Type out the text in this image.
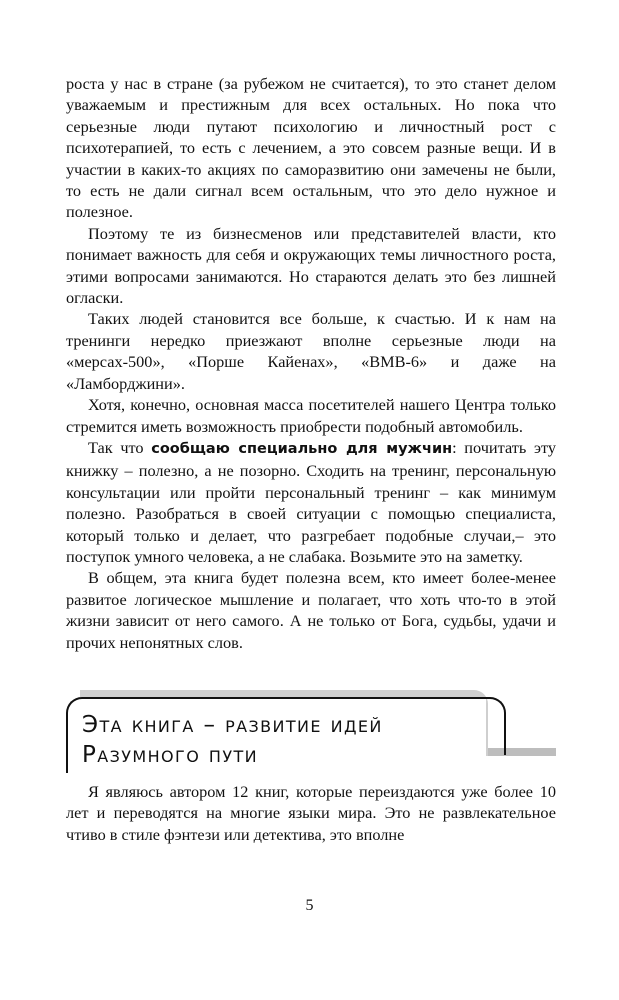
роста у нас в стране (за рубежом не считается), то это станет делом уважаемым и престижным для всех остальных. Но пока что серьезные люди путают психологию и личностный рост с психотерапией, то есть с лечением, а это совсем разные вещи. И в участии в каких-то акциях по саморазвитию они замечены не были, то есть не дали сигнал всем остальным, что это дело нужное и полезное.

Поэтому те из бизнесменов или представителей власти, кто понимает важность для себя и окружающих темы личностного роста, этими вопросами занимаются. Но стараются делать это без лишней огласки.

Таких людей становится все больше, к счастью. И к нам на тренинги нередко приезжают вполне серьезные люди на «мерсах-500», «Порше Кайенах», «BMB-6» и даже на «Ламборджини».

Хотя, конечно, основная масса посетителей нашего Центра только стремится иметь возможность приобрести подобный автомобиль.

Так что сообщаю специально для мужчин: почитать эту книжку – полезно, а не позорно. Сходить на тренинг, персональную консультации или пройти персональный тренинг – как минимум полезно. Разобраться в своей ситуации с помощью специалиста, который только и делает, что разгребает подобные случаи,– это поступок умного человека, а не слабака. Возьмите это на заметку.

В общем, эта книга будет полезна всем, кто имеет более-менее развитое логическое мышление и полагает, что хоть что-то в этой жизни зависит от него самого. А не только от Бога, судьбы, удачи и прочих непонятных слов.

Эта книга – развитие идей
Разумного пути

Я являюсь автором 12 книг, которые переиздаются уже более 10 лет и переводятся на многие языки мира. Это не развлекательное чтиво в стиле фэнтези или детектива, это вполне

5
